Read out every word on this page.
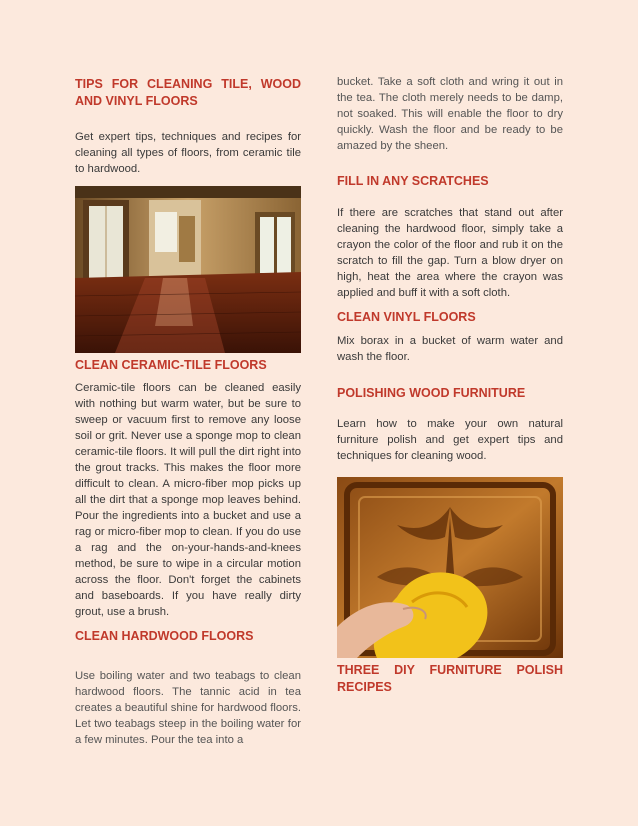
TIPS FOR CLEANING TILE, WOOD AND VINYL FLOORS

Get expert tips, techniques and recipes for cleaning all types of floors, from ceramic tile to hardwood.

CLEAN CERAMIC-TILE FLOORS

Ceramic-tile floors can be cleaned easily with nothing but warm water, but be sure to sweep or vacuum first to remove any loose soil or grit. Never use a sponge mop to clean ceramic-tile floors. It will pull the dirt right into the grout tracks. This makes the floor more difficult to clean. A micro-fiber mop picks up all the dirt that a sponge mop leaves behind. Pour the ingredients into a bucket and use a rag or micro-fiber mop to clean. If you do use a rag and the on-your-hands-and-knees method, be sure to wipe in a circular motion across the floor. Don't forget the cabinets and baseboards. If you have really dirty grout, use a brush.

CLEAN HARDWOOD FLOORS

Use boiling water and two teabags to clean hardwood floors. The tannic acid in tea creates a beautiful shine for hardwood floors. Let two teabags steep in the boiling water for a few minutes. Pour the tea into a

bucket. Take a soft cloth and wring it out in the tea. The cloth merely needs to be damp, not soaked. This will enable the floor to dry quickly. Wash the floor and be ready to be amazed by the sheen.

FILL IN ANY SCRATCHES

If there are scratches that stand out after cleaning the hardwood floor, simply take a crayon the color of the floor and rub it on the scratch to fill the gap. Turn a blow dryer on high, heat the area where the crayon was applied and buff it with a soft cloth.

CLEAN VINYL FLOORS

Mix borax in a bucket of warm water and wash the floor.

POLISHING WOOD FURNITURE

Learn how to make your own natural furniture polish and get expert tips and techniques for cleaning wood.

THREE DIY FURNITURE POLISH RECIPES
